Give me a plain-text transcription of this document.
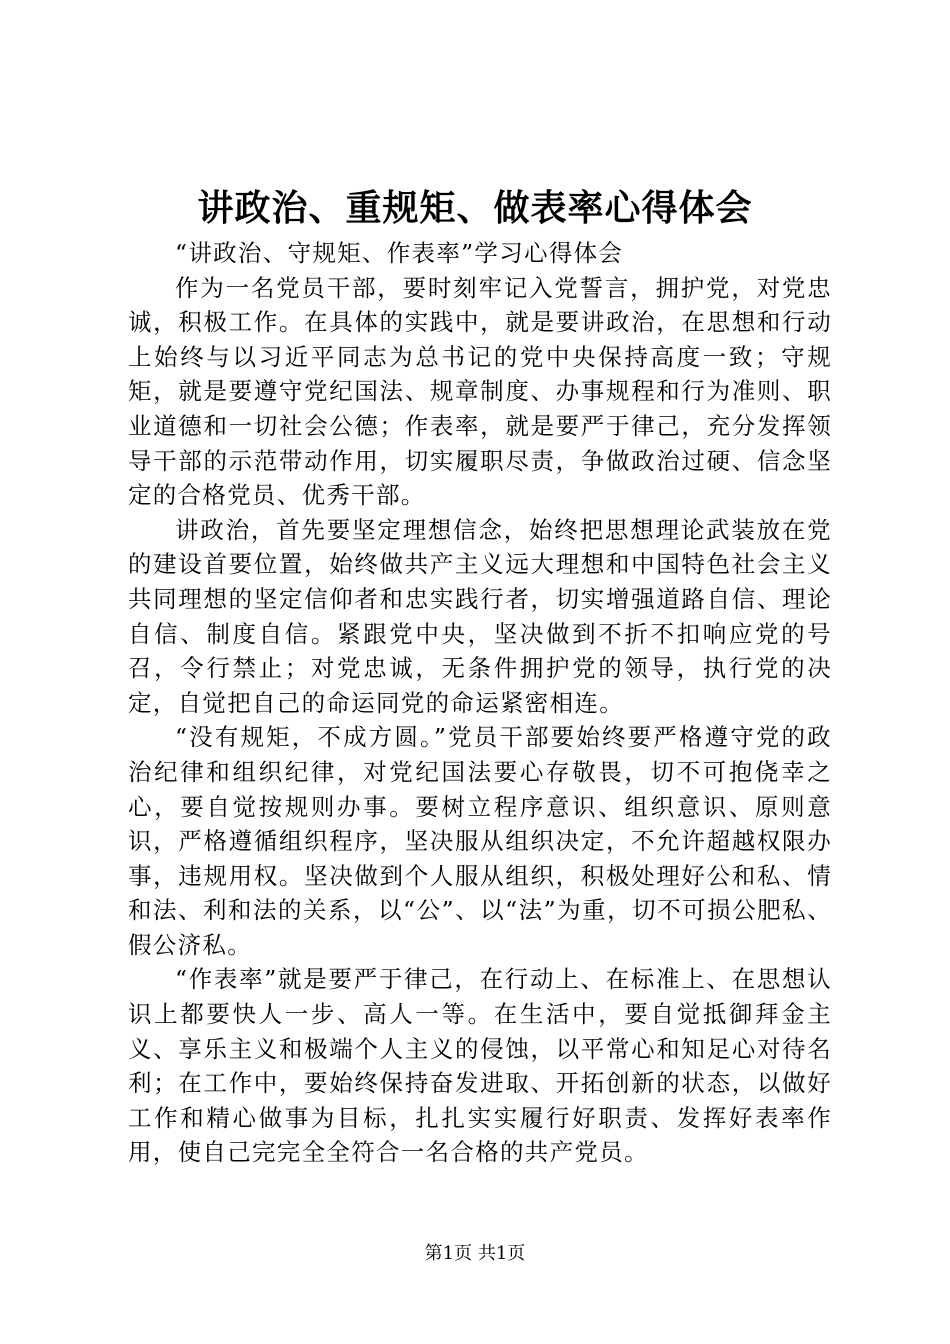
讲政治、重规矩、做表率心得体会

“讲政治、守规矩、作表率”学习心得体会

作为一名党员干部，要时刻牢记入党誓言，拥护党，对党忠诚，积极工作。在具体的实践中，就是要讲政治，在思想和行动上始终与以习近平同志为总书记的党中央保持高度一致；守规矩，就是要遵守党纪国法、规章制度、办事规程和行为准则、职业道德和一切社会公德；作表率，就是要严于律己，充分发挥领导干部的示范带动作用，切实履职尽责，争做政治过硬、信念坚定的合格党员、优秀干部。

讲政治，首先要坚定理想信念，始终把思想理论武装放在党的建设首要位置，始终做共产主义远大理想和中国特色社会主义共同理想的坚定信仰者和忠实践行者，切实增强道路自信、理论自信、制度自信。紧跟党中央，坚决做到不折不扣响应党的号召，令行禁止；对党忠诚，无条件拥护党的领导，执行党的决定，自觉把自己的命运同党的命运紧密相连。

“没有规矩，不成方圆。”党员干部要始终要严格遵守党的政治纪律和组织纪律，对党纪国法要心存敬畏，切不可抱侥幸之心，要自觉按规则办事。要树立程序意识、组织意识、原则意识，严格遵循组织程序，坚决服从组织决定，不允许超越权限办事，违规用权。坚决做到个人服从组织，积极处理好公和私、情和法、利和法的关系，以“公”、以“法”为重，切不可损公肥私、假公济私。

“作表率”就是要严于律己，在行动上、在标准上、在思想认识上都要快人一步、高人一等。在生活中，要自觉抵御拜金主义、享乐主义和极端个人主义的侵蚀，以平常心和知足心对待名利；在工作中，要始终保持奋发进取、开拓创新的状态，以做好工作和精心做事为目标，扎扎实实履行好职责、发挥好表率作用，使自己完完全全符合一名合格的共产党员。

第1页 共1页
